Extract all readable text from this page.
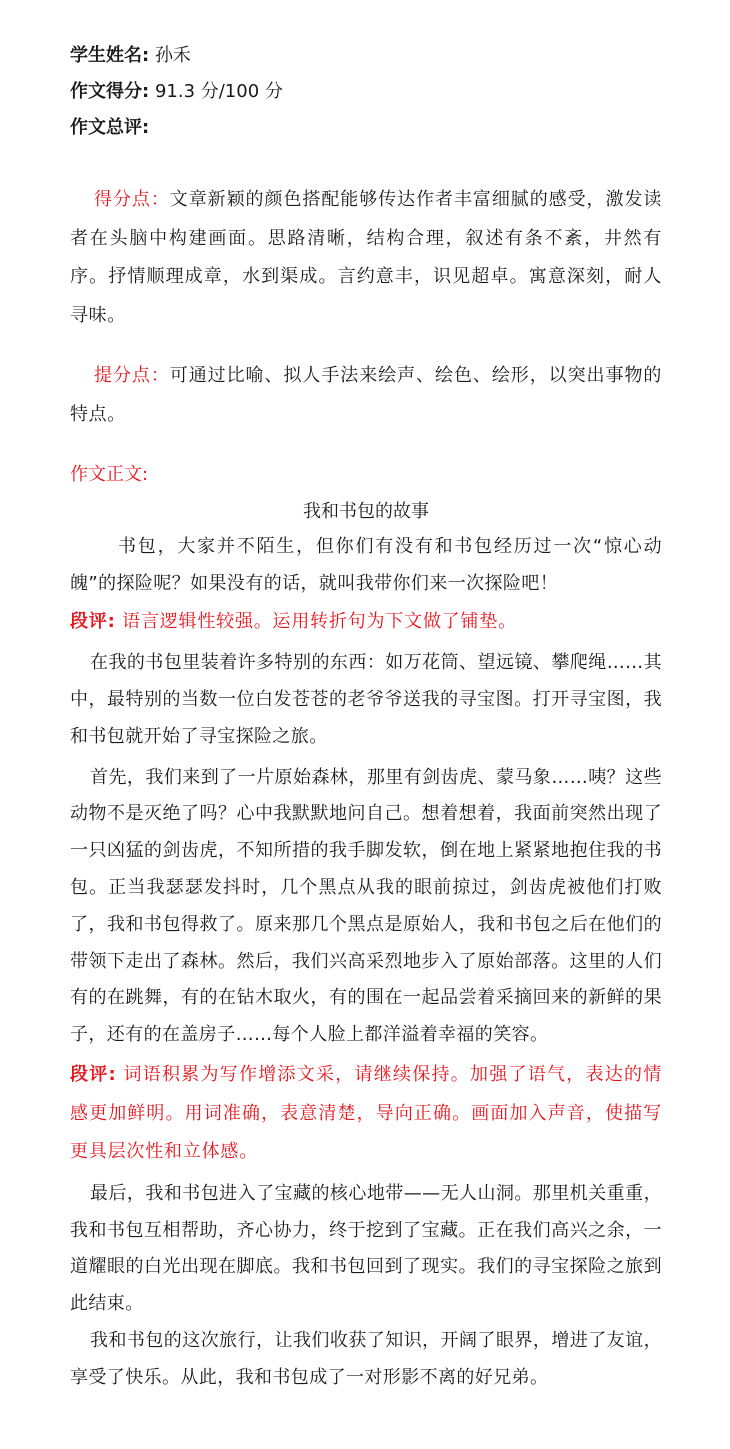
学生姓名: 孙禾
作文得分: 91.3 分/100 分
作文总评:
得分点：文章新颖的颜色搭配能够传达作者丰富细腻的感受，激发读者在头脑中构建画面。思路清晰，结构合理，叙述有条不紊，井然有序。抒情顺理成章，水到渠成。言约意丰，识见超卓。寓意深刻，耐人寻味。
提分点：可通过比喻、拟人手法来绘声、绘色、绘形，以突出事物的特点。
作文正文:
我和书包的故事
书包，大家并不陌生，但你们有没有和书包经历过一次“惊心动魄”的探险呢？如果没有的话，就叫我带你们来一次探险吧！
段评: 语言逻辑性较强。运用转折句为下文做了铺垫。
在我的书包里装着许多特别的东西：如万花筒、望远镜、攀爬绳……其中，最特别的当数一位白发苍苍的老爷爷送我的寻宝图。打开寻宝图，我和书包就开始了寻宝探险之旅。
首先，我们来到了一片原始森林，那里有剑齿虎、蒙马象……咦？这些动物不是灭绝了吗？心中我默默地问自己。想着想着，我面前突然出现了一只凶猛的剑齿虎，不知所措的我手脚发软，倒在地上紧紧地抱住我的书包。正当我瑟瑟发抖时，几个黑点从我的眼前掠过，剑齿虎被他们打败了，我和书包得救了。原来那几个黑点是原始人，我和书包之后在他们的带领下走出了森林。然后，我们兴高采烈地步入了原始部落。这里的人们有的在跳舞，有的在钻木取火，有的围在一起品尝着采摘回来的新鲜的果子，还有的在盖房子……每个人脸上都洋溢着幸福的笑容。
段评: 词语积累为写作增添文采，请继续保持。加强了语气，表达的情感更加鲜明。用词准确，表意清楚，导向正确。画面加入声音，使描写更具层次性和立体感。
最后，我和书包进入了宝藏的核心地带——无人山洞。那里机关重重，我和书包互相帮助，齐心协力，终于挖到了宝藏。正在我们高兴之余，一道耀眼的白光出现在脚底。我和书包回到了现实。我们的寻宝探险之旅到此结束。
我和书包的这次旅行，让我们收获了知识，开阔了眼界，增进了友谊，享受了快乐。从此，我和书包成了一对形影不离的好兄弟。
